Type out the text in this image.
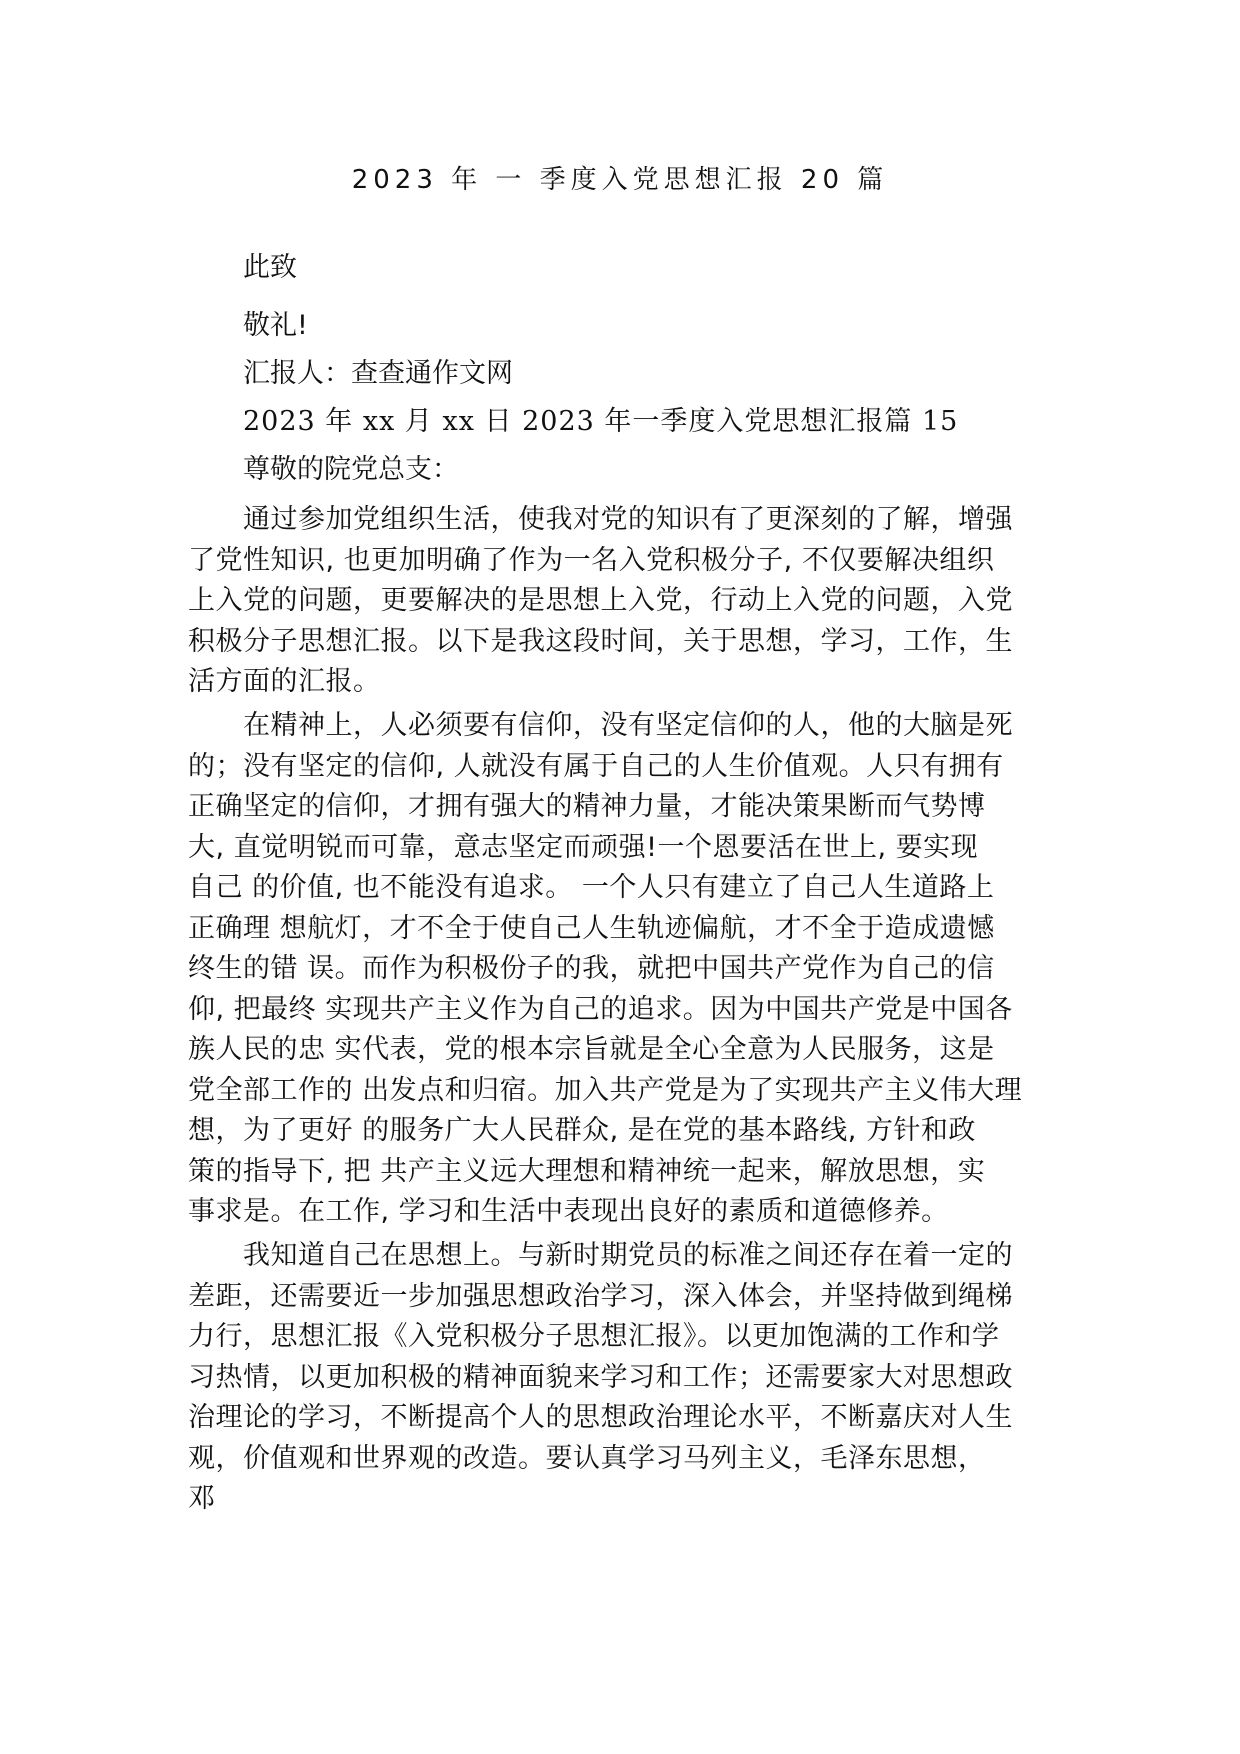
2023 年 一 季度入党思想汇报 20 篇
此致
敬礼!
汇报人：查查通作文网
2023 年 xx 月 xx 日 2023 年一季度入党思想汇报篇 15
尊敬的院党总支：
　　通过参加党组织生活，使我对党的知识有了更深刻的了解，增强
了党性知识, 也更加明确了作为一名入党积极分子, 不仅要解决组织
上入党的问题，更要解决的是思想上入党，行动上入党的问题，入党
积极分子思想汇报。以下是我这段时间，关于思想，学习，工作，生
活方面的汇报。
　　在精神上，人必须要有信仰，没有坚定信仰的人，他的大脑是死
的；没有坚定的信仰, 人就没有属于自己的人生价值观。人只有拥有
正确坚定的信仰，才拥有强大的精神力量，才能决策果断而气势博
大, 直觉明锐而可靠，意志坚定而顽强!一个恩要活在世上, 要实现
自己 的价值, 也不能没有追求。 一个人只有建立了自己人生道路上
正确理 想航灯，才不全于使自己人生轨迹偏航，才不全于造成遗憾
终生的错 误。而作为积极份子的我，就把中国共产党作为自己的信
仰, 把最终 实现共产主义作为自己的追求。因为中国共产党是中国各
族人民的忠 实代表，党的根本宗旨就是全心全意为人民服务，这是
党全部工作的 出发点和归宿。加入共产党是为了实现共产主义伟大理
想，为了更好 的服务广大人民群众, 是在党的基本路线, 方针和政
策的指导下, 把 共产主义远大理想和精神统一起来，解放思想，实
事求是。在工作, 学习和生活中表现出良好的素质和道德修养。
　　我知道自己在思想上。与新时期党员的标准之间还存在着一定的
差距，还需要近一步加强思想政治学习，深入体会，并坚持做到绳梯
力行，思想汇报《入党积极分子思想汇报》。以更加饱满的工作和学
习热情，以更加积极的精神面貌来学习和工作；还需要家大对思想政
治理论的学习，不断提高个人的思想政治理论水平，不断嘉庆对人生
观，价值观和世界观的改造。要认真学习马列主义，毛泽东思想，
邓
